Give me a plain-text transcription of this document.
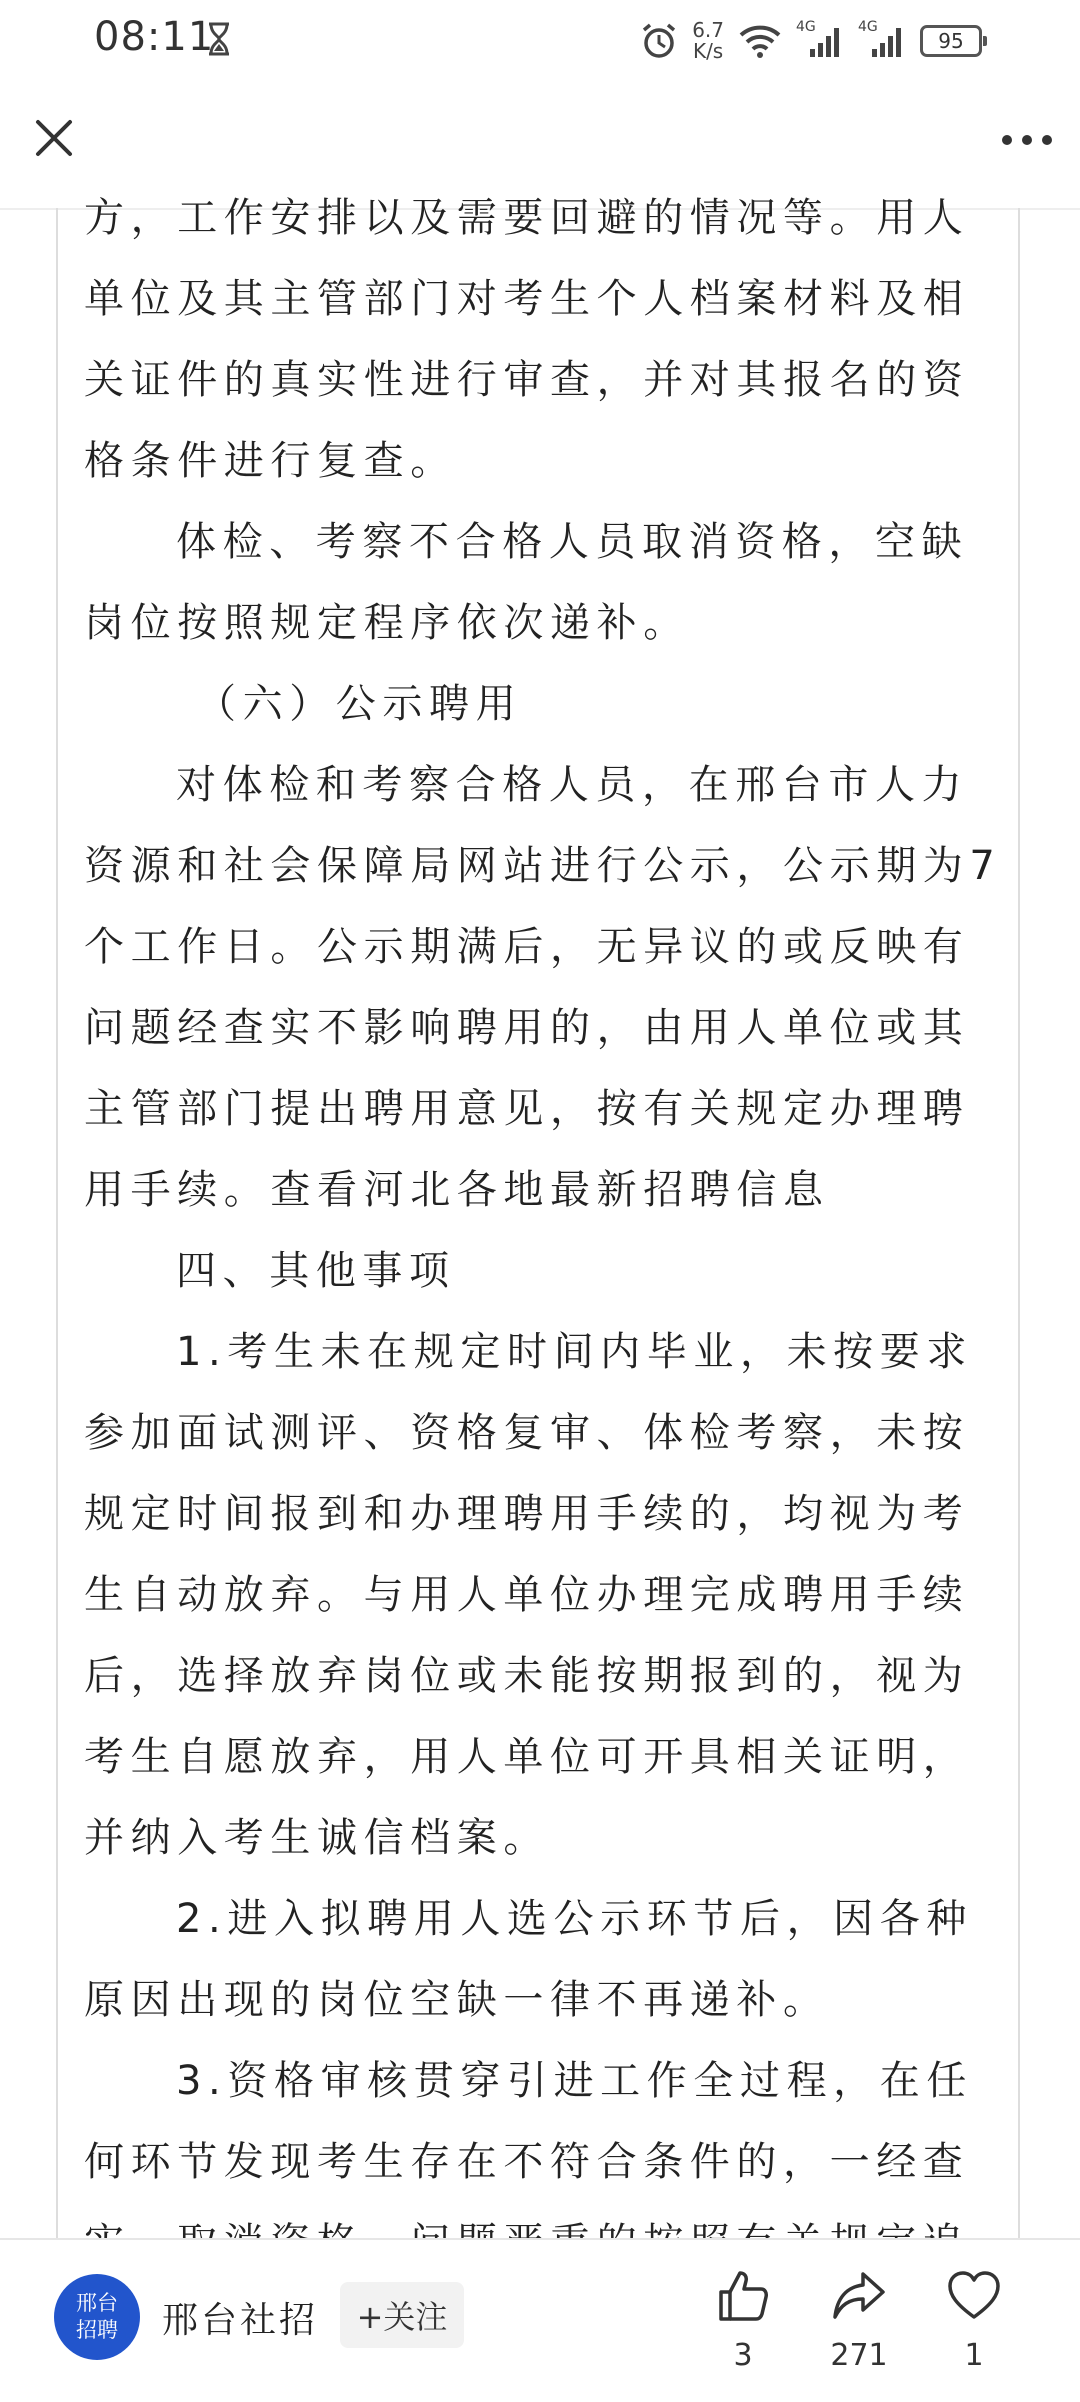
08:11	6.7
K/s
4G	4G
95

方，工作安排以及需要回避的情况等。用人

单位及其主管部门对考生个人档案材料及相

关证件的真实性进行审查，并对其报名的资

格条件进行复查。

体检、考察不合格人员取消资格，空缺

岗位按照规定程序依次递补。

（六）公示聘用

对体检和考察合格人员，在邢台市人力

资源和社会保障局网站进行公示，公示期为7

个工作日。公示期满后，无异议的或反映有

问题经查实不影响聘用的，由用人单位或其

主管部门提出聘用意见，按有关规定办理聘

用手续。查看河北各地最新招聘信息

四、其他事项

1.考生未在规定时间内毕业，未按要求

参加面试测评、资格复审、体检考察，未按

规定时间报到和办理聘用手续的，均视为考

生自动放弃。与用人单位办理完成聘用手续

后，选择放弃岗位或未能按期报到的，视为

考生自愿放弃，用人单位可开具相关证明，

并纳入考生诚信档案。

2.进入拟聘用人选公示环节后，因各种

原因出现的岗位空缺一律不再递补。

3.资格审核贯穿引进工作全过程，在任

何环节发现考生存在不符合条件的，一经查

邢台
招聘 邢台社招	+关注
3	271	1
